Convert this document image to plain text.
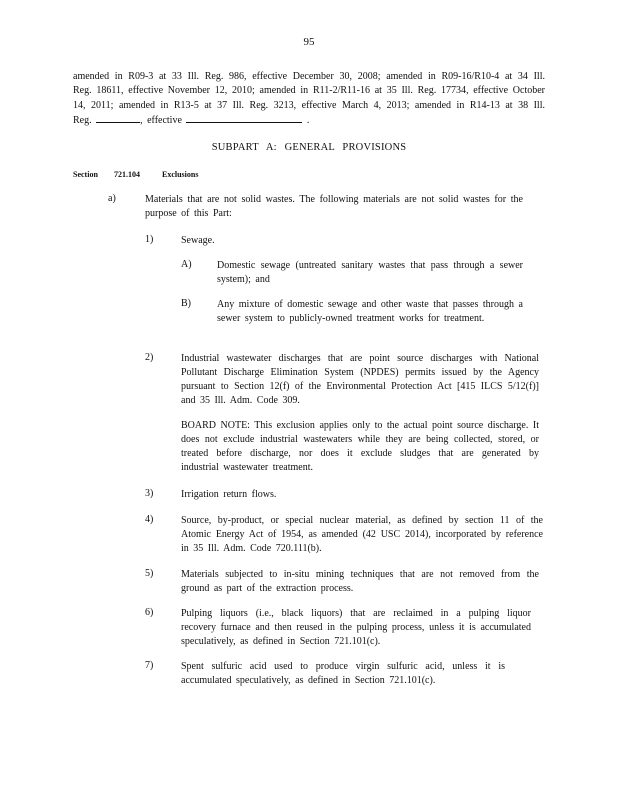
95
amended in R09-3 at 33 Ill. Reg. 986, effective December 30, 2008; amended in R09-16/R10-4 at 34 Ill. Reg. 18611, effective November 12, 2010; amended in R11-2/R11-16 at 35 Ill. Reg. 17734, effective October 14, 2011; amended in R13-5 at 37 Ill. Reg. 3213, effective March 4, 2013; amended in R14-13 at 38 Ill. Reg.	, effective	.
SUBPART A: GENERAL PROVISIONS
Section 721.104	Exclusions
a)	Materials that are not solid wastes. The following materials are not solid wastes for the purpose of this Part:
1)	Sewage.
A)	Domestic sewage (untreated sanitary wastes that pass through a sewer system); and
B)	Any mixture of domestic sewage and other waste that passes through a sewer system to publicly-owned treatment works for treatment.
2)	Industrial wastewater discharges that are point source discharges with National Pollutant Discharge Elimination System (NPDES) permits issued by the Agency pursuant to Section 12(f) of the Environmental Protection Act [415 ILCS 5/12(f)] and 35 Ill. Adm. Code 309.
BOARD NOTE: This exclusion applies only to the actual point source discharge. It does not exclude industrial wastewaters while they are being collected, stored, or treated before discharge, nor does it exclude sludges that are generated by industrial wastewater treatment.
3)	Irrigation return flows.
4)	Source, by-product, or special nuclear material, as defined by section 11 of the Atomic Energy Act of 1954, as amended (42 USC 2014), incorporated by reference in 35 Ill. Adm. Code 720.111(b).
5)	Materials subjected to in-situ mining techniques that are not removed from the ground as part of the extraction process.
6)	Pulping liquors (i.e., black liquors) that are reclaimed in a pulping liquor recovery furnace and then reused in the pulping process, unless it is accumulated speculatively, as defined in Section 721.101(c).
7)	Spent sulfuric acid used to produce virgin sulfuric acid, unless it is accumulated speculatively, as defined in Section 721.101(c).
